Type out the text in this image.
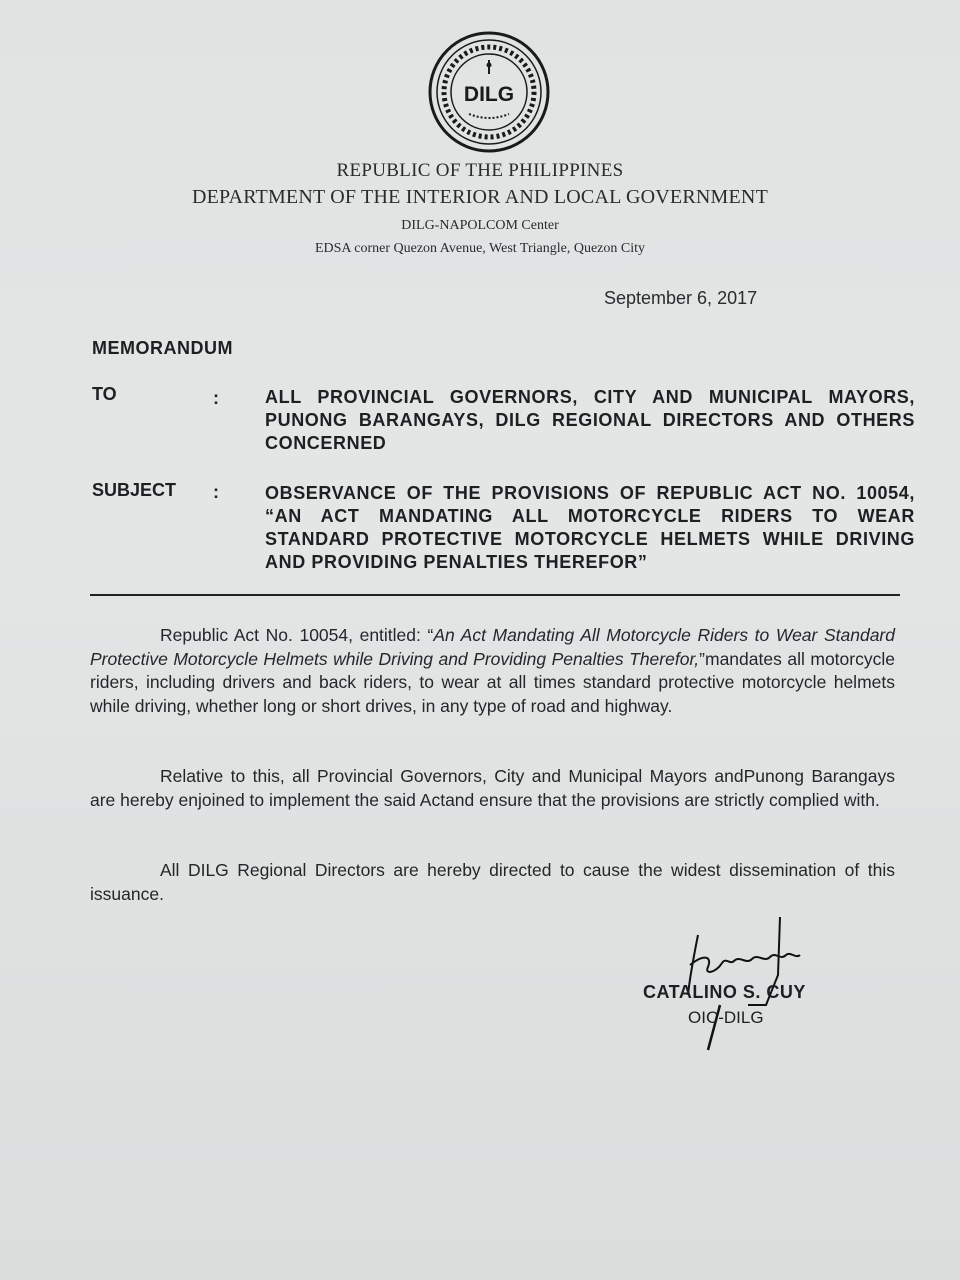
DILG
REPUBLIC OF THE PHILIPPINES
DEPARTMENT OF THE INTERIOR AND LOCAL GOVERNMENT
DILG-NAPOLCOM Center
EDSA corner Quezon Avenue, West Triangle, Quezon City
September 6, 2017
MEMORANDUM
TO	:	ALL PROVINCIAL GOVERNORS, CITY AND MUNICIPAL MAYORS, PUNONG BARANGAYS, DILG REGIONAL DIRECTORS AND OTHERS CONCERNED
SUBJECT :	OBSERVANCE OF THE PROVISIONS OF REPUBLIC ACT NO. 10054, “AN ACT MANDATING ALL MOTORCYCLE RIDERS TO WEAR STANDARD PROTECTIVE MOTORCYCLE HELMETS WHILE DRIVING AND PROVIDING PENALTIES THEREFOR”
Republic Act No. 10054, entitled: “An Act Mandating All Motorcycle Riders to Wear Standard Protective Motorcycle Helmets while Driving and Providing Penalties Therefor,”mandates all motorcycle riders, including drivers and back riders, to wear at all times standard protective motorcycle helmets while driving, whether long or short drives, in any type of road and highway.
Relative to this, all Provincial Governors, City and Municipal Mayors andPunong Barangays are hereby enjoined to implement the said Actand ensure that the provisions are strictly complied with.
All DILG Regional Directors are hereby directed to cause the widest dissemination of this issuance.
CATALINO S. CUY
OIC-DILG
